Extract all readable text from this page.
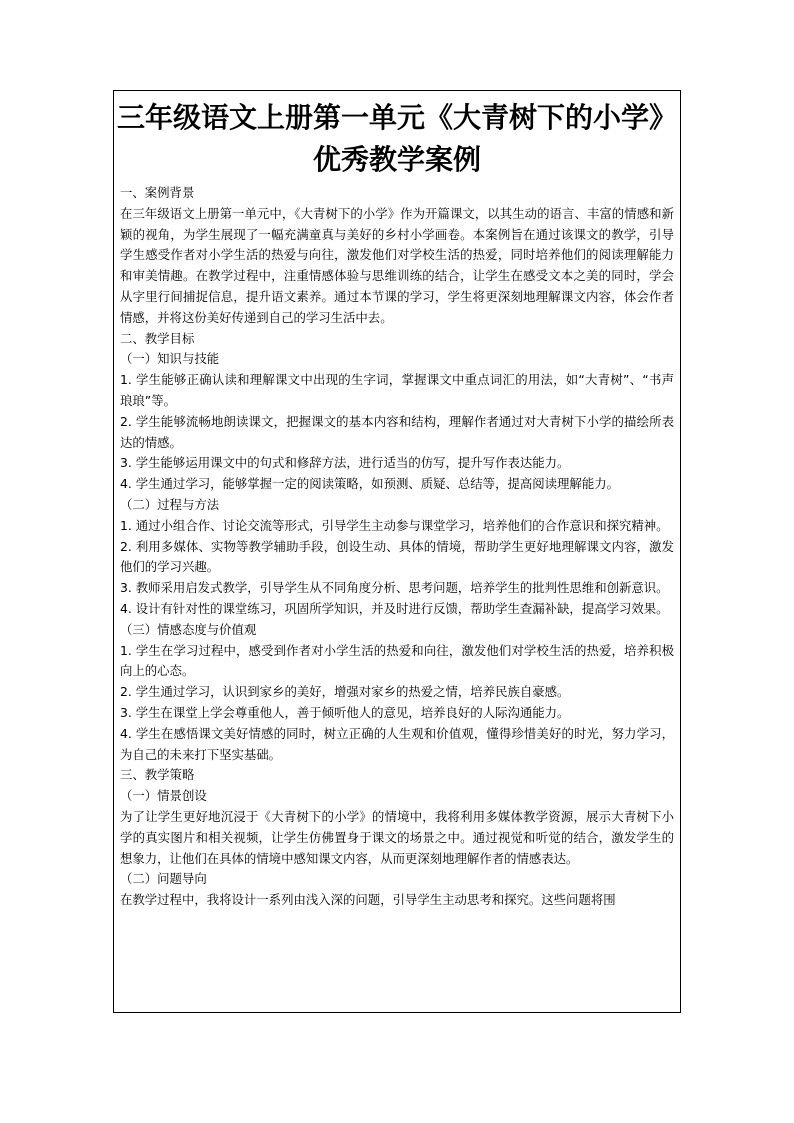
三年级语文上册第一单元《大青树下的小学》
优秀教学案例

一、案例背景

在三年级语文上册第一单元中，《大青树下的小学》作为开篇课文，以其生动的语言、丰富的情感和新颖的视角，为学生展现了一幅充满童真与美好的乡村小学画卷。本案例旨在通过该课文的教学，引导学生感受作者对小学生活的热爱与向往，激发他们对学校生活的热爱，同时培养他们的阅读理解能力和审美情趣。在教学过程中，注重情感体验与思维训练的结合，让学生在感受文本之美的同时，学会从字里行间捕捉信息，提升语文素养。通过本节课的学习，学生将更深刻地理解课文内容，体会作者情感，并将这份美好传递到自己的学习生活中去。

二、教学目标

（一）知识与技能

1. 学生能够正确认读和理解课文中出现的生字词，掌握课文中重点词汇的用法，如“大青树”、“书声琅琅”等。

2. 学生能够流畅地朗读课文，把握课文的基本内容和结构，理解作者通过对大青树下小学的描绘所表达的情感。

3. 学生能够运用课文中的句式和修辞方法，进行适当的仿写，提升写作表达能力。

4. 学生通过学习，能够掌握一定的阅读策略，如预测、质疑、总结等，提高阅读理解能力。

（二）过程与方法

1. 通过小组合作、讨论交流等形式，引导学生主动参与课堂学习，培养他们的合作意识和探究精神。

2. 利用多媒体、实物等教学辅助手段，创设生动、具体的情境，帮助学生更好地理解课文内容，激发他们的学习兴趣。

3. 教师采用启发式教学，引导学生从不同角度分析、思考问题，培养学生的批判性思维和创新意识。

4. 设计有针对性的课堂练习，巩固所学知识，并及时进行反馈，帮助学生查漏补缺，提高学习效果。

（三）情感态度与价值观

1. 学生在学习过程中，感受到作者对小学生活的热爱和向往，激发他们对学校生活的热爱，培养积极向上的心态。

2. 学生通过学习，认识到家乡的美好，增强对家乡的热爱之情，培养民族自豪感。

3. 学生在课堂上学会尊重他人，善于倾听他人的意见，培养良好的人际沟通能力。

4. 学生在感悟课文美好情感的同时，树立正确的人生观和价值观，懂得珍惜美好的时光，努力学习，为自己的未来打下坚实基础。

三、教学策略

（一）情景创设

为了让学生更好地沉浸于《大青树下的小学》的情境中，我将利用多媒体教学资源，展示大青树下小学的真实图片和相关视频，让学生仿佛置身于课文的场景之中。通过视觉和听觉的结合，激发学生的想象力，让他们在具体的情境中感知课文内容，从而更深刻地理解作者的情感表达。

（二）问题导向

在教学过程中，我将设计一系列由浅入深的问题，引导学生主动思考和探究。这些问题将围
